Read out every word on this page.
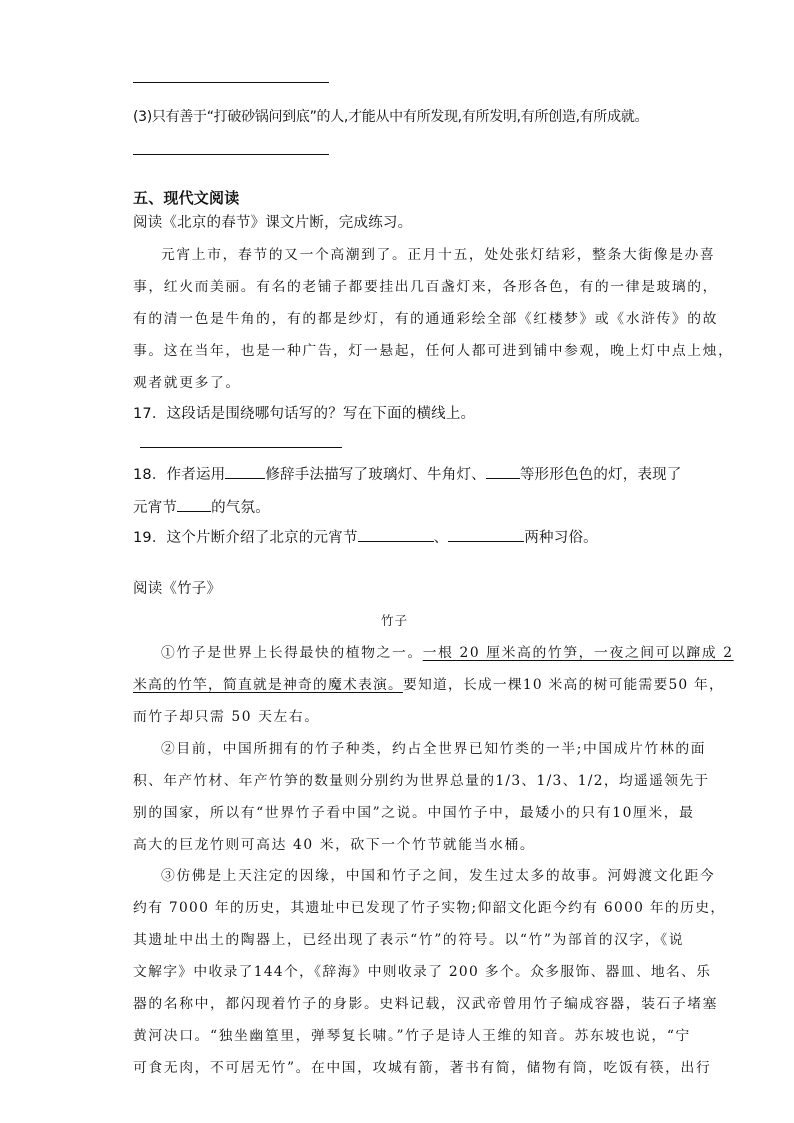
(3)只有善于“打破砂锅问到底”的人,才能从中有所发现,有所发明,有所创造,有所成就。
五、现代文阅读
阅读《北京的春节》课文片断，完成练习。
元宵上市，春节的又一个高潮到了。正月十五，处处张灯结彩，整条大街像是办喜
事，红火而美丽。有名的老铺子都要挂出几百盏灯来，各形各色，有的一律是玻璃的，
有的清一色是牛角的，有的都是纱灯，有的通通彩绘全部《红楼梦》或《水浒传》的故
事。这在当年，也是一种广告，灯一悬起，任何人都可进到铺中参观，晚上灯中点上烛，
观者就更多了。
17．这段话是围绕哪句话写的？写在下面的横线上。
18．作者运用	修辞手法描写了玻璃灯、牛角灯、 等形形色色的灯，表现了
元宵节 的气氛。
19．这个片断介绍了北京的元宵节	、	两种习俗。
阅读《竹子》
竹子
①竹子是世界上长得最快的植物之一。一根 20 厘米高的竹笋，一夜之间可以蹿成 2
米高的竹竿，简直就是神奇的魔术表演。要知道，长成一棵10 米高的树可能需要50 年，
而竹子却只需 50 天左右。
②目前，中国所拥有的竹子种类，约占全世界已知竹类的一半;中国成片竹林的面
积、年产竹材、年产竹笋的数量则分别约为世界总量的1/3、1/3、1/2，均遥遥领先于
别的国家，所以有“世界竹子看中国”之说。中国竹子中，最矮小的只有10厘米，最
高大的巨龙竹则可高达 40 米，砍下一个竹节就能当水桶。
③仿佛是上天注定的因缘，中国和竹子之间，发生过太多的故事。河姆渡文化距今
约有 7000 年的历史，其遗址中已发现了竹子实物;仰韶文化距今约有 6000 年的历史，
其遗址中出土的陶器上，已经出现了表示“竹”的符号。以“竹”为部首的汉字，《说
文解字》中收录了144个，《辞海》中则收录了 200 多个。众多服饰、器皿、地名、乐
器的名称中，都闪现着竹子的身影。史料记载，汉武帝曾用竹子编成容器，装石子堵塞
黄河决口。“独坐幽篁里，弹琴复长啸。”竹子是诗人王维的知音。苏东坡也说，“宁
可食无肉，不可居无竹”。在中国，攻城有箭，著书有简，储物有筒，吃饭有筷，出行
